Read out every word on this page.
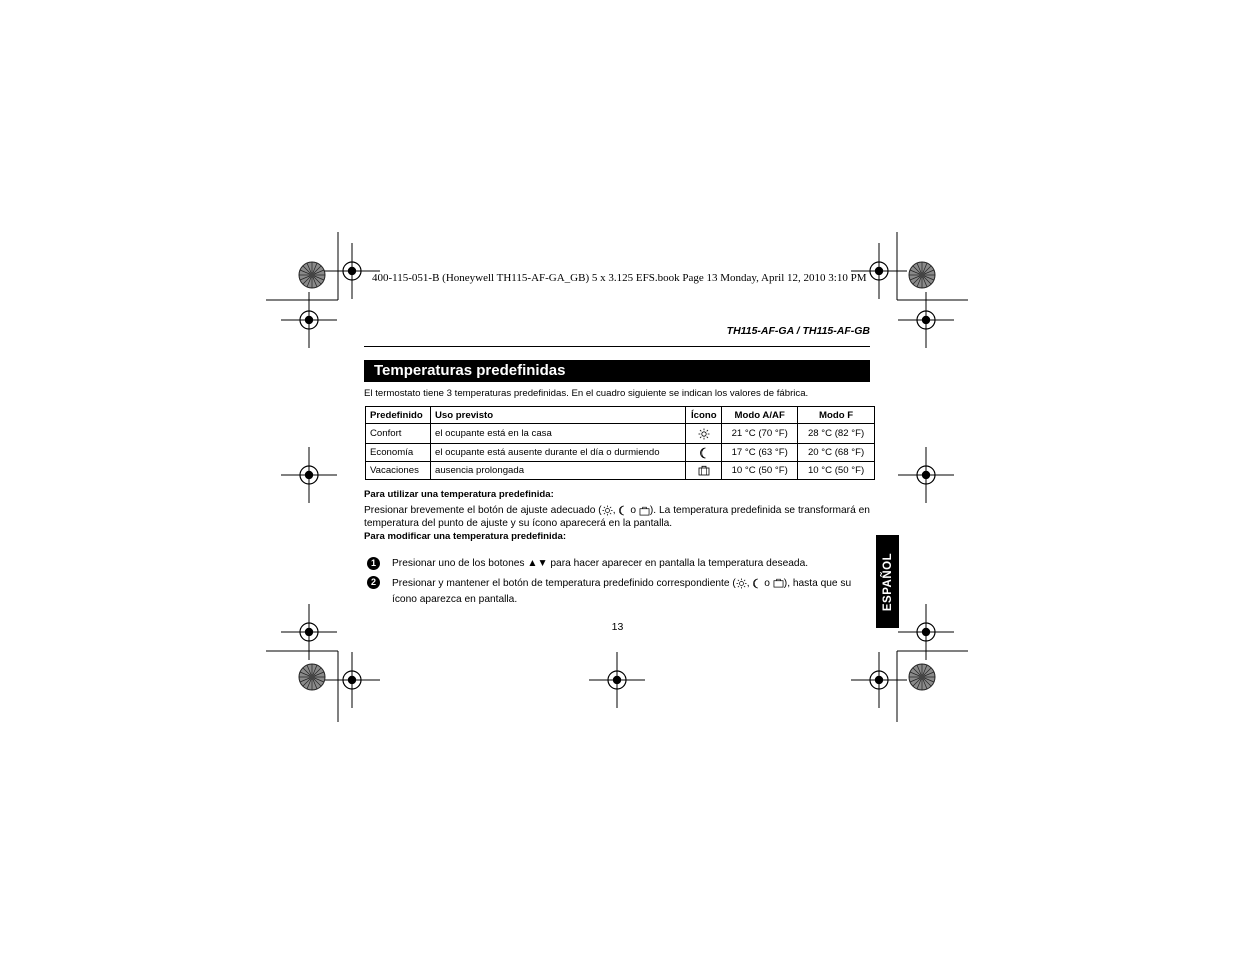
400-115-051-B (Honeywell TH115-AF-GA_GB) 5 x 3.125 EFS.book Page 13 Monday, April 12, 2010 3:10 PM
TH115-AF-GA / TH115-AF-GB
Temperaturas predefinidas
El termostato tiene 3 temperaturas predefinidas. En el cuadro siguiente se indican los valores de fábrica.
Predefinido	Uso previsto	Ícono	Modo A/AF	Modo F
Confort	el ocupante está en la casa		21 °C (70 °F)	28 °C (82 °F)
Economía	el ocupante está ausente durante el día o durmiendo		17 °C (63 °F)	20 °C (68 °F)
Vacaciones	ausencia prolongada		10 °C (50 °F)	10 °C (50 °F)
Para utilizar una temperatura predefinida:
Presionar brevemente el botón de ajuste adecuado ( , o ). La temperatura predefinida se transformará en temperatura del punto de ajuste y su ícono aparecerá en la pantalla.
Para modificar una temperatura predefinida:
1	Presionar uno de los botones ▲▼ para hacer aparecer en pantalla la temperatura deseada.
2	Presionar y mantener el botón de temperatura predefinido correspondiente ( , o ), hasta que su ícono aparezca en pantalla.
13
ESPAÑOL
